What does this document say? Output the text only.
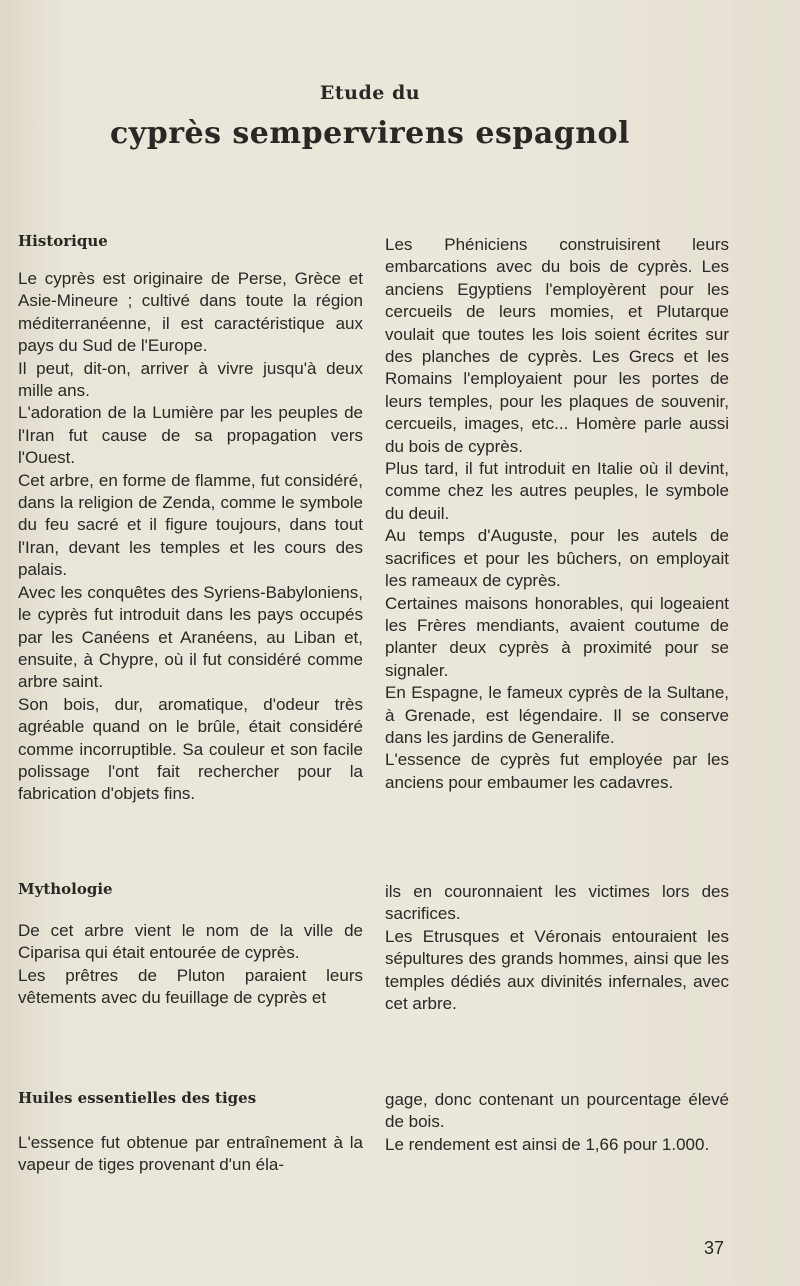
Etude du
cyprès sempervirens espagnol
Historique

Le cyprès est originaire de Perse, Grèce et Asie-Mineure ; cultivé dans toute la région méditerranéenne, il est caractéristique aux pays du Sud de l'Europe.

Il peut, dit-on, arriver à vivre jusqu'à deux mille ans.

L'adoration de la Lumière par les peuples de l'Iran fut cause de sa propagation vers l'Ouest.

Cet arbre, en forme de flamme, fut considéré, dans la religion de Zenda, comme le symbole du feu sacré et il figure toujours, dans tout l'Iran, devant les temples et les cours des palais.

Avec les conquêtes des Syriens-Babyloniens, le cyprès fut introduit dans les pays occupés par les Canéens et Aranéens, au Liban et, ensuite, à Chypre, où il fut considéré comme arbre saint.

Son bois, dur, aromatique, d'odeur très agréable quand on le brûle, était considéré comme incorruptible. Sa couleur et son facile polissage l'ont fait rechercher pour la fabrication d'objets fins.

Les Phéniciens construisirent leurs embarcations avec du bois de cyprès. Les anciens Egyptiens l'employèrent pour les cercueils de leurs momies, et Plutarque voulait que toutes les lois soient écrites sur des planches de cyprès. Les Grecs et les Romains l'employaient pour les portes de leurs temples, pour les plaques de souvenir, cercueils, images, etc... Homère parle aussi du bois de cyprès.

Plus tard, il fut introduit en Italie où il devint, comme chez les autres peuples, le symbole du deuil.

Au temps d'Auguste, pour les autels de sacrifices et pour les bûchers, on employait les rameaux de cyprès.

Certaines maisons honorables, qui logeaient les Frères mendiants, avaient coutume de planter deux cyprès à proximité pour se signaler.

En Espagne, le fameux cyprès de la Sultane, à Grenade, est légendaire. Il se conserve dans les jardins de Generalife.

L'essence de cyprès fut employée par les anciens pour embaumer les cadavres.

Mythologie

De cet arbre vient le nom de la ville de Ciparisa qui était entourée de cyprès.

Les prêtres de Pluton paraient leurs vêtements avec du feuillage de cyprès et

ils en couronnaient les victimes lors des sacrifices.

Les Etrusques et Véronais entouraient les sépultures des grands hommes, ainsi que les temples dédiés aux divinités infernales, avec cet arbre.

Huiles essentielles des tiges

L'essence fut obtenue par entraînement à la vapeur de tiges provenant d'un éla-

gage, donc contenant un pourcentage élevé de bois.

Le rendement est ainsi de 1,66 pour 1.000.

37
